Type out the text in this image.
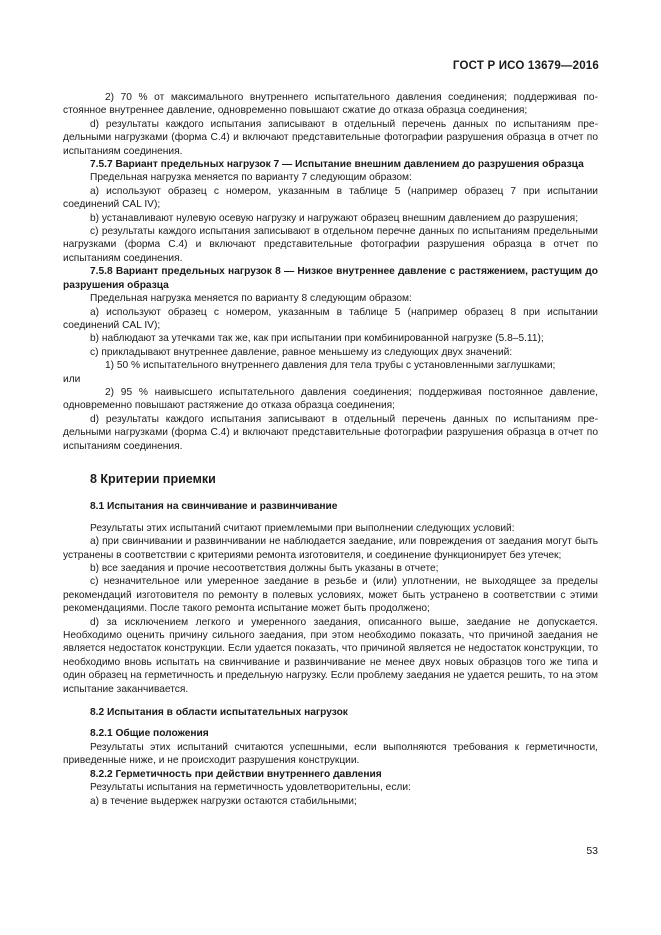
ГОСТ Р ИСО 13679—2016
2) 70 % от максимального внутреннего испытательного давления соединения; поддерживая постоянное внутреннее давление, одновременно повышают сжатие до отказа образца соединения;
d) результаты каждого испытания записывают в отдельный перечень данных по испытаниям предельными нагрузками (форма С.4) и включают представительные фотографии разрушения образца в отчет по испытаниям соединения.
7.5.7 Вариант предельных нагрузок 7 — Испытание внешним давлением до разрушения образца
Предельная нагрузка меняется по варианту 7 следующим образом:
а) используют образец с номером, указанным в таблице 5 (например образец 7 при испытании соединений CAL IV);
b) устанавливают нулевую осевую нагрузку и нагружают образец внешним давлением до разрушения;
с) результаты каждого испытания записывают в отдельном перечне данных по испытаниям предельными нагрузками (форма С.4) и включают представительные фотографии разрушения образца в отчет по испытаниям соединения.
7.5.8 Вариант предельных нагрузок 8 — Низкое внутреннее давление с растяжением, растущим до разрушения образца
Предельная нагрузка меняется по варианту 8 следующим образом:
а) используют образец с номером, указанным в таблице 5 (например образец 8 при испытании соединений CAL IV);
b) наблюдают за утечками так же, как при испытании при комбинированной нагрузке (5.8–5.11);
с) прикладывают внутреннее давление, равное меньшему из следующих двух значений:
1) 50 % испытательного внутреннего давления для тела трубы с установленными заглушками;
или
2) 95 % наивысшего испытательного давления соединения; поддерживая постоянное давление, одновременно повышают растяжение до отказа образца соединения;
d) результаты каждого испытания записывают в отдельный перечень данных по испытаниям предельными нагрузками (форма С.4) и включают представительные фотографии разрушения образца в отчет по испытаниям соединения.
8 Критерии приемки
8.1 Испытания на свинчивание и развинчивание
Результаты этих испытаний считают приемлемыми при выполнении следующих условий:
а) при свинчивании и развинчивании не наблюдается заедание, или повреждения от заедания могут быть устранены в соответствии с критериями ремонта изготовителя, и соединение функционирует без утечек;
b) все заедания и прочие несоответствия должны быть указаны в отчете;
с) незначительное или умеренное заедание в резьбе и (или) уплотнении, не выходящее за пределы рекомендаций изготовителя по ремонту в полевых условиях, может быть устранено в соответствии с этими рекомендациями. После такого ремонта испытание может быть продолжено;
d) за исключением легкого и умеренного заедания, описанного выше, заедание не допускается. Необходимо оценить причину сильного заедания, при этом необходимо показать, что причиной заедания не является недостаток конструкции. Если удается показать, что причиной является не недостаток конструкции, то необходимо вновь испытать на свинчивание и развинчивание не менее двух новых образцов того же типа и один образец на герметичность и предельную нагрузку. Если проблему заедания не удается решить, то на этом испытание заканчивается.
8.2 Испытания в области испытательных нагрузок
8.2.1 Общие положения
Результаты этих испытаний считаются успешными, если выполняются требования к герметичности, приведенные ниже, и не происходит разрушения конструкции.
8.2.2 Герметичность при действии внутреннего давления
Результаты испытания на герметичность удовлетворительны, если:
а) в течение выдержек нагрузки остаются стабильными;
53
